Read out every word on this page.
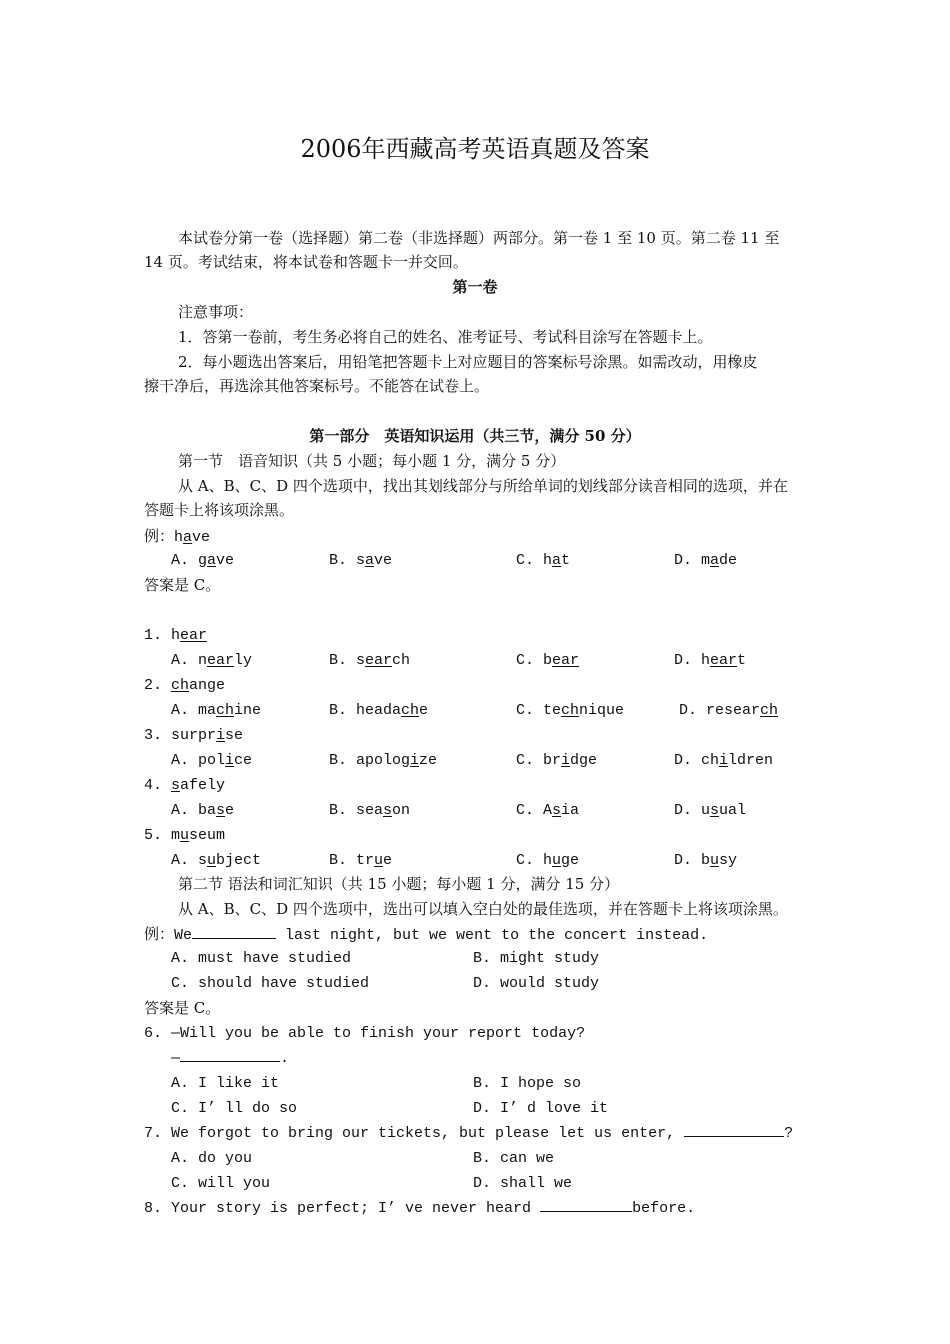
2006年西藏高考英语真题及答案
本试卷分第一卷（选择题）第二卷（非选择题）两部分。第一卷 1 至 10 页。第二卷 11 至
14 页。考试结束，将本试卷和答题卡一并交回。
第一卷
注意事项：
1．答第一卷前，考生务必将自己的姓名、准考证号、考试科目涂写在答题卡上。
2．每小题选出答案后，用铅笔把答题卡上对应题目的答案标号涂黑。如需改动，用橡皮
擦干净后，再选涂其他答案标号。不能答在试卷上。
第一部分　英语知识运用（共三节，满分 50 分）
第一节　语音知识（共 5 小题；每小题 1 分，满分 5 分）
从 A、B、C、D 四个选项中，找出其划线部分与所给单词的划线部分读音相同的选项，并在
答题卡上将该项涂黑。
例：have
A. gave	B. save	C. hat	D. made
答案是 C。
1. hear
A. nearly	B. search	C. bear	D. heart
2. change
A. machine	B. headache	C. technique	D. research
3. surprise
A. police	B. apologize	C. bridge	D. children
4. safely
A. base	B. season	C. Asia	D. usual
5. museum
A. subject	B. true	C. huge	D. busy
第二节 语法和词汇知识（共 15 小题；每小题 1 分，满分 15 分）
从 A、B、C、D 四个选项中，选出可以填入空白处的最佳选项，并在答题卡上将该项涂黑。
例：We	last night, but we went to the concert instead.
A. must have studied	B. might study
C. should have studied	D. would study
答案是 C。
6. —Will you be able to finish your report today?
—	.
A. I like it	B. I hope so
C. I’ ll do so	D. I’ d love it
7. We forgot to bring our tickets, but please let us enter,	?
A. do you	B. can we
C. will you	D. shall we
8. Your story is perfect; I’ ve never heard	before.
